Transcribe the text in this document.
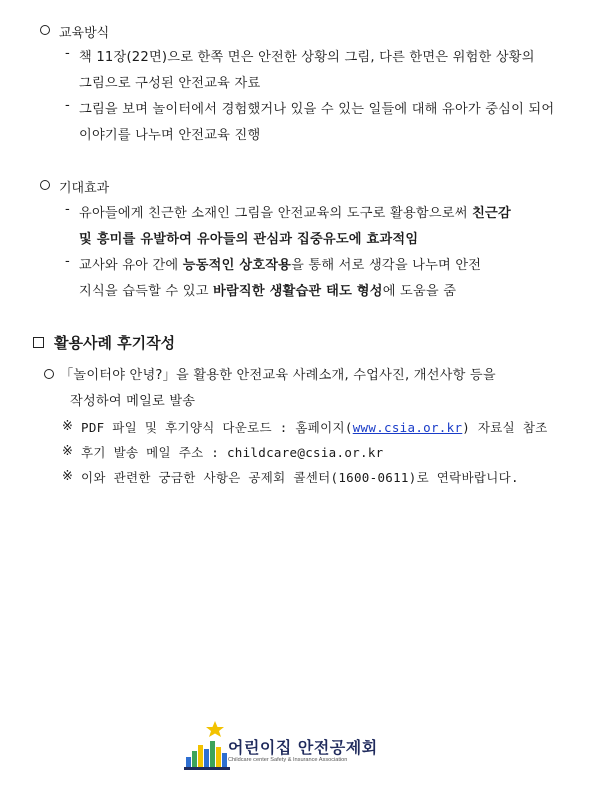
교육방식
- 책 11장(22면)으로 한쪽 면은 안전한 상황의 그림, 다른 한면은 위험한 상황의
그림으로 구성된 안전교육 자료
- 그림을 보며 놀이터에서 경험했거나 있을 수 있는 일들에 대해 유아가 중심이 되어
이야기를 나누며 안전교육 진행
기대효과
- 유아들에게 친근한 소재인 그림을 안전교육의 도구로 활용함으로써 친근감
및 흥미를 유발하여 유아들의 관심과 집중유도에 효과적임
- 교사와 유아 간에 능동적인 상호작용을 통해 서로 생각을 나누며 안전
지식을 습득할 수 있고 바람직한 생활습관 태도 형성에 도움을 줌
활용사례 후기작성
「놀이터야 안녕?」을 활용한 안전교육 사례소개, 수업사진, 개선사항 등을
작성하여 메일로 발송
※ PDF 파일 및 후기양식 다운로드 : 홈페이지(www.csia.or.kr) 자료실 참조
※ 후기 발송 메일 주소 : childcare@csia.or.kr
※ 이와 관련한 궁금한 사항은 공제회 콜센터(1600-0611)로 연락바랍니다.
어린이집 안전공제회
Childcare center Safety & Insurance Association
